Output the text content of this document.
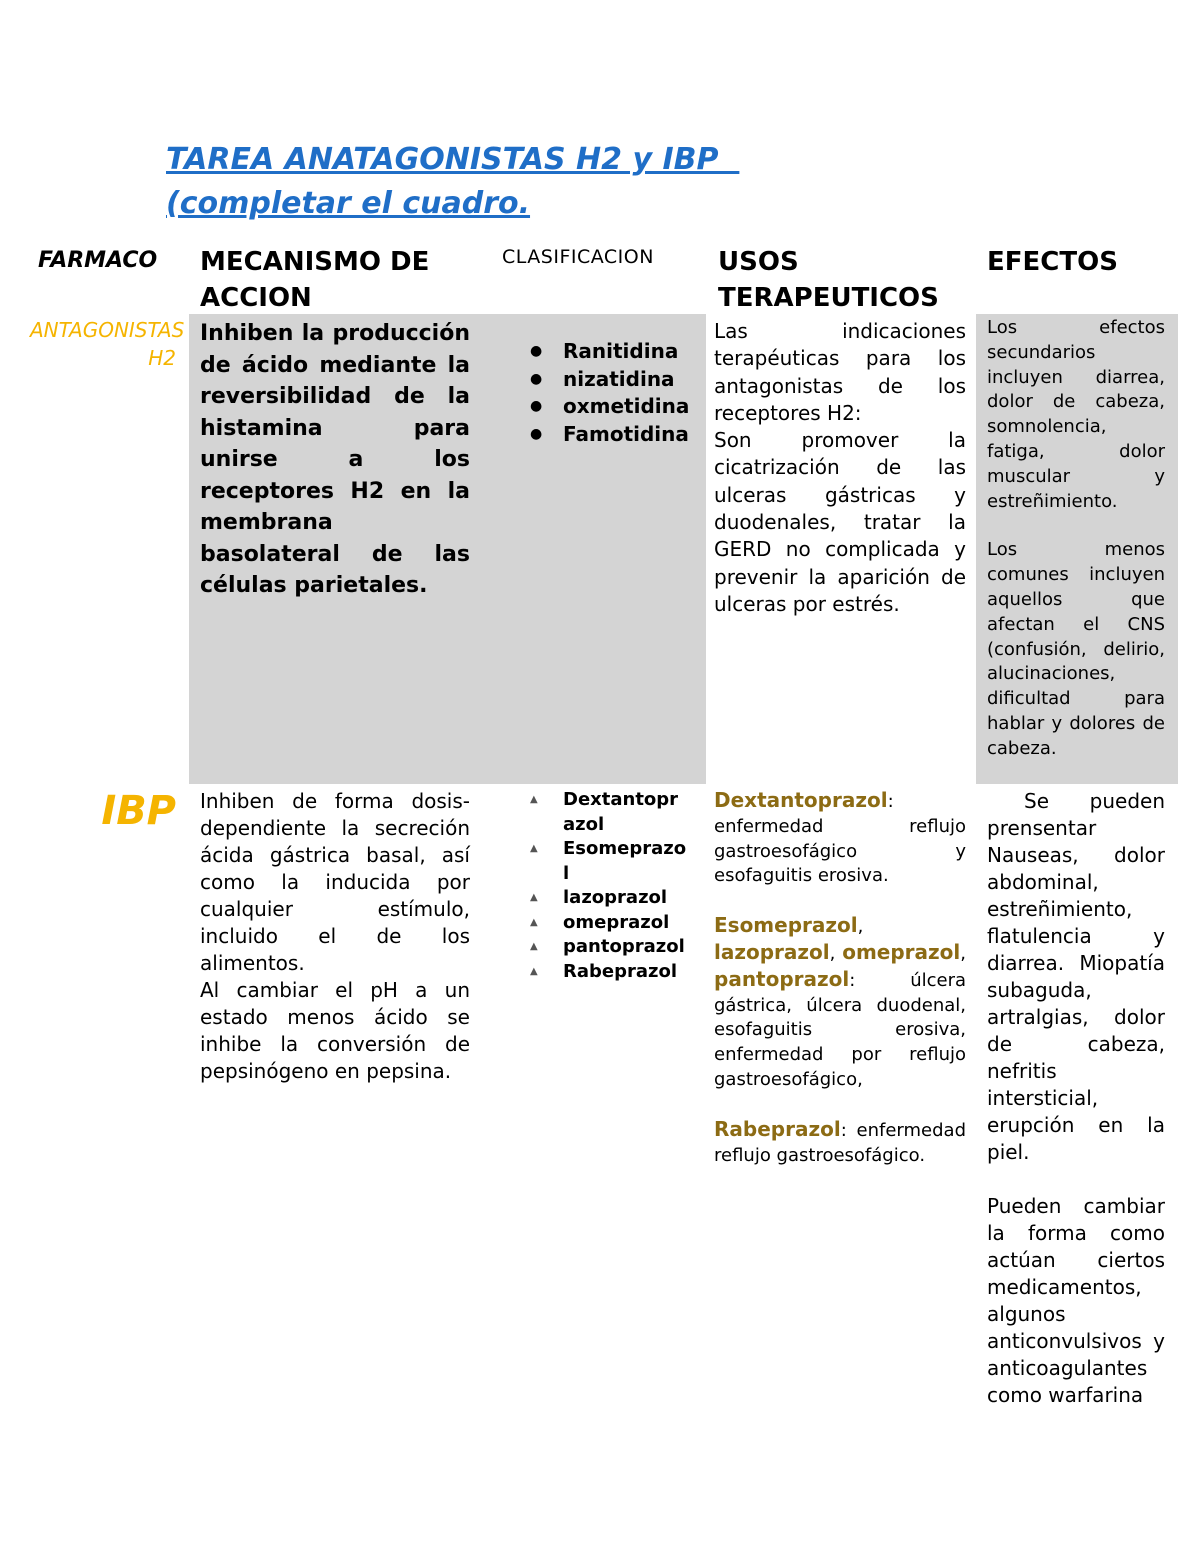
TAREA ANATAGONISTAS H2 y IBP
(completar el cuadro.
FARMACO MECANISMO DE ACCION
CLASIFICACION USOS TERAPEUTICOS
EFECTOS
ANTAGONISTAS H2
Inhiben la producción de ácido mediante la reversibilidad de la histamina para unirse a los receptores H2 en la membrana basolateral de las células parietales.
● Ranitidina
● nizatidina
● oxmetidina
● Famotidina

Las indicaciones terapéuticas para los antagonistas de los receptores H2:

Son promover la cicatrización de las ulceras gástricas y duodenales, tratar la GERD no complicada y prevenir la aparición de ulceras por estrés.

Los efectos secundarios incluyen diarrea, dolor de cabeza, somnolencia, fatiga, dolor muscular y estreñimiento.

Los menos comunes incluyen aquellos que afectan el CNS (confusión, delirio, alucinaciones, dificultad para hablar y dolores de cabeza.

IBP Inhiben de forma dosis-dependiente la secreción ácida gástrica basal, así como la inducida por cualquier estímulo, incluido el de los alimentos.

Al cambiar el pH a un estado menos ácido se inhibe la conversión de pepsinógeno en pepsina.

▲ Dextantoprazol
▲ Esomeprazol
▲ lazoprazol
▲ omeprazol
▲ pantoprazol
▲ Rabeprazol

Dextantoprazol: enfermedad reflujo gastroesofágico y esofaguitis erosiva.

Esomeprazol, lazoprazol, omeprazol, pantoprazol: úlcera gástrica, úlcera duodenal, esofaguitis erosiva, enfermedad por reflujo gastroesofágico,

Rabeprazol: enfermedad reflujo gastroesofágico.

Se pueden prensentar Nauseas, dolor abdominal, estreñimiento, flatulencia y diarrea. Miopatía subaguda, artralgias, dolor de cabeza, nefritis intersticial, erupción en la piel.

Pueden cambiar la forma como actúan ciertos medicamentos, algunos anticonvulsivos y anticoagulantes como warfarina
